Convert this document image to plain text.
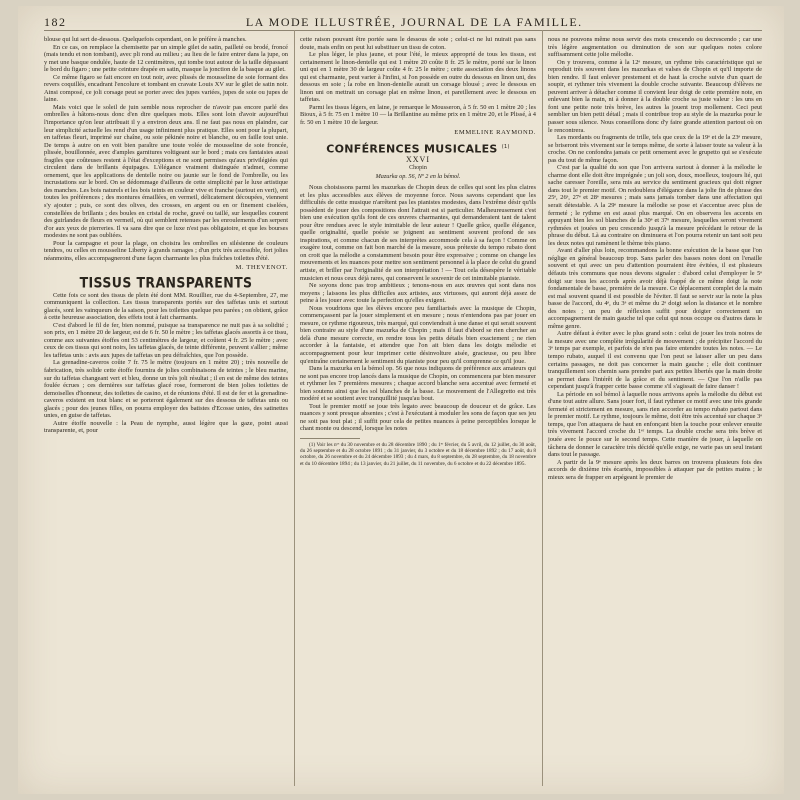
182	LA MODE ILLUSTRÉE, JOURNAL DE LA FAMILLE.

blouse qui lui sert de-dessous. Quelquefois cependant, on le préfère à manches.

En ce cas, on remplace la chemisette par un simple gilet de satin, pailleté ou brodé, froncé (mais tendu et non tombant), avec pli rond au milieu ; au lieu de le faire entrer dans la jupe, on y met une basque ondulée, haute de 12 centimètres, qui tombe tout autour de la taille dépassant le bord du figaro ; une petite ceinture drapée en satin, masque la jonction de la basque au gilet.

Ce même figaro se fait encore en tout noir, avec plissés de mousseline de soie formant des revers coquillés, encadrant l'encolure et tombant en cravate Louis XV sur le gilet de satin noir. Ainsi composé, ce joli corsage peut se porter avec des jupes variées, jupes de soie ou jupes de laine.

Mais voici que le soleil de juin semble nous reprocher de n'avoir pas encore parlé des ombrelles à hâtons-nous donc d'en dire quelques mots. Elles sont loin d'avoir aujourd'hui l'importance qu'on leur attribuait il y a environ deux ans. Il ne faut pas nous en plaindre, car leur simplicité actuelle les rend d'un usage infiniment plus pratique. Elles sont pour la plupart, en taffetas fleuri, imprimé sur chaîne, ou soie pékinée noire et blanche, ou en faille tout unie. De temps à autre on en voit bien paraître une toute volée de mousseline de soie froncée, plissée, bouillonnée, avec d'amples garnitures voltigeant sur le bord ; mais ces fantaisies aussi fragiles que coûteuses restent à l'état d'exceptions et ne sont permises qu'aux privilégiées qui circulent dans de brillants équipages. L'élégance vraiment distinguée n'admet, comme ornement, que les applications de dentelle noire ou jaunie sur le fond de l'ombrelle, ou les incrustations sur le bord. On se dédommage d'ailleurs de cette simplicité par le luxe artistique des manches. Les bois naturels et les bois teints en couleur vive et franche (surtout en vert), ont toutes les préférences ; des montures émaillées, en vermeil, délicatement découpées, viennent s'y ajouter ; puis, ce sont des olives, des crosses, en argent ou en or finement ciselées, constellées de brillants ; des boules en cristal de roche, gravé ou taillé, sur lesquelles courent des guirlandes de fleurs en vermeil, où qui semblent retenues par les enroulements d'un serpent d'or aux yeux de pierreries. Il va sans dire que ce luxe n'est pas obligatoire, et que les bourses modestes ne sont pas oubliées.

Pour la campagne et pour la plage, on choisira les ombrelles en silésienne de couleurs tendres, ou celles en mousseline Liberty à grands ramages ; d'un prix très accessible, fort jolies néanmoins, elles accompagneront d'une façon charmante les plus fraîches toilettes d'été.

M. THEVENOT.
TISSUS TRANSPARENTS

Cette fois ce sont des tissus de plein été dont MM. Rouillier, rue du 4-Septembre, 27, me communiquent la collection. Les tissus transparents portés sur des taffetas unis et surtout glacés, sont les vainqueurs de la saison, pour les toilettes quelque peu parées ; on obtient, grâce à cette heureuse association, des effets tout à fait charmants.

C'est d'abord le fil de fer, bien nommé, puisque sa transparence ne nuit pas à sa solidité ; son prix, en 1 mètre 20 de largeur, est de 6 fr. 50 le mètre ; les taffetas glacés assortis à ce tissu, comme aux suivantes étoffes ont 53 centimètres de largeur, et coûtent 4 fr. 25 le mètre ; avec ceux de ces tissus qui sont noirs, les taffetas glacés, de teinte différente, peuvent s'allier ; même les taffetas unis : avis aux jupes de taffetas un peu défraîchies, que l'on possède.

La grenadine-caveros coûte 7 fr. 75 le mètre (toujours en 1 mètre 20) ; très nouvelle de fabrication, très solide cette étoffe fournira de jolies combinaisons de teintes ; le bleu marine, sur du taffetas changeant vert et bleu, donne un très joli résultat ; il en est de même des teintes foulée écrues ; ces dernières sur taffetas glacé rose, formeront de bien jolies toilettes de demoiselles d'honneur, des toilettes de casino, et de réunions d'été. Il est de fer et la grenadine-caveros existent en tout blanc et se porteront également sur des dessous de taffetas unis ou glacés ; pour des jeunes filles, on pourra employer des batistes d'Ecosse unies, des satinettes unies, en guise de taffetas.

Autre étoffe nouvelle : la Peau de nymphe, aussi légère que la gaze, point aussi transparente, et, pour

cette raison pouvant être portée sans le dessous de soie ; celui-ci ne lui nuirait pas sans doute, mais enfin on peut lui substituer un tissu de coton.

Le plus léger, le plus jaune, et pour l'été, le mieux approprié de tous les tissus, est certainement le linon-dentelle qui est 1 mètre 20 coûte 8 fr. 25 le mètre, porté sur le linon uni qui en 1 mètre 30 de largeur coûte 4 fr. 25 le mètre ; cette association des deux linons qui est charmante, peut varier à l'infini, si l'on possède en outre du dessous en linon uni, des dessous en soie ; la robe en linon-dentelle aurait un corsage blousé ; avec le dessous en linon uni on mettrait un corsage plat en même linon, et pareillement avec le dessous en taffetas.

Parmi les tissus légers, en laine, je remarque le Mousseron, à 5 fr. 50 en 1 mètre 20 ; les Bioux, à 5 fr. 75 en 1 mètre 10 — la Brillantine au même prix en 1 mètre 20, et le Plissé, à 4 fr. 50 en 1 mètre 10 de largeur.

EMMELINE RAYMOND.
CONFÉRENCES MUSICALES $^{(1)}$
XXVI
Chopin
Mazurka op. 56, Nº 2 en la bémol.

Nous choisissons parmi les mazurkas de Chopin deux de celles qui sont les plus claires et les plus accessibles aux élèves de moyenne force. Nous savons cependant que les difficultés de cette musique n'arrêtent pas les pianistes modestes, dans l'extrême désir qu'ils possèdent de jouer des compositions dont l'attrait est si particulier. Malheureusement c'est bien une exécution qu'ils font de ces œuvres charmantes, qui demanderaient tant de talent pour être rendues avec le style inimitable de leur auteur ! Quelle grâce, quelle élégance, quelle originalité, quelle poésie se joignent au sentiment souvent profond de ses inspirations, et comme chacun de ses interprètes accommode cela à sa façon ! Comme on exagère tout, comme on fait bon marché de la mesure, sous prétexte du tempo rubato dont on croit que la mélodie a constamment besoin pour être expressive ; comme on change les mouvements et les nuances pour mettre son sentiment personnel à la place de celui du grand artiste, et briller par l'originalité de son interprétation ! — Tout cela désespère le véritable musicien et nous ceux déjà rares, qui conservent le souvenir de cet inimitable pianiste.

Ne soyons donc pas trop ambitieux ; tenons-nous en aux œuvres qui sont dans nos moyens ; laissons les plus difficiles aux artistes, aux virtuoses, qui auront déjà assez de peine à les jouer avec toute la perfection qu'elles exigent.

Nous voudrions que les élèves encore peu familiarisés avec la musique de Chopin, commençassent par la jouer simplement et en mesure ; nous n'entendons pas par jouer en mesure, ce rythme rigoureux, très marqué, qui conviendrait à une danse et qui serait souvent bien contraire au style d'une mazurka de Chopin ; mais il faut d'abord se rien chercher au delà d'une mesure correcte, en rendre tous les petits détails bien exactement ; ne rien accorder à la fantaisie, et attendre que l'on ait bien dans les doigts mélodie et accompagnement pour leur imprimer cette désinvolture aisée, gracieuse, ou peu libre qu'entraîne certainement le sentiment du pianiste pour peu qu'il comprenne ce qu'il joue.

Dans la mazurka en la bémol op. 56 que nous indiquons de préférence aux amateurs qui ne sont pas encore trop lancés dans la musique de Chopin, on commencera par bien mesurer et rythmer les 7 premières mesures ; chaque accord blanche sera accentué avec fermeté et bien soutenu ainsi que les sol blanches de la basse. Le mouvement de l'Allegretto est très modéré et se soutient avec tranquillité jusqu'au bout.

Tout le premier motif se joue très legato avec beaucoup de douceur et de grâce. Les nuances y sont presque absentes ; c'est à l'exécutant à moduler les sons de façon que ses jeu ne soit pas tout plat ; il suffit pour cela de petites nuances à peine perceptibles lorsque le chant monte ou descend, lorsque les notes

(1) Voir les nᵒˢ du 30 novembre et du 28 décembre 1890 ; du 1ᵉʳ février, du 5 avril, du 12 juillet, du 30 août, du 26 septembre et du 28 octobre 1891 ; du 31 janvier, du 3 octobre et du 18 décembre 1892 ; du 17 août, du 8 octobre, du 26 novembre et du 24 décembre 1893 ; du 4 mars, du 8 septembre, du 28 septembre, du 18 novembre et du 10 décembre 1894 ; du 13 janvier, du 21 juillet, du 11 novembre, du 6 octobre et du 22 décembre 1895.

nous ne pouvons même nous servir des mots crescendo ou decrescendo ; car une très légère augmentation ou diminution de son sur quelques notes colore suffisamment cette jolie mélodie.

On y trouvera, comme à la 12ᵉ mesure, un rythme très caractéristique qui se reproduit très souvent dans les mazurkas et valses de Chopin et qu'il importe de bien rendre. Il faut enlever prestement et de haut la croche suivie d'un quart de soupir, et rythmer très vivement la double croche suivante. Beaucoup d'élèves ne peuvent arriver à détacher comme il convient leur doigt de cette première note, en enlevant bien la main, ni à donner à la double croche sa juste valeur : les uns en font une petite note très brève, les autres la jouent trop mollement. Ceci peut semblier un bien petit détail ; mais il contribue trop au style de la mazurka pour le passer sous silence. Nous conseillons donc d'y faire grande attention partout où on le rencontrera.

Les mordants ou fragments de trille, tels que ceux de la 19ᵉ et de la 23ᵉ mesure, se briseront très vivement sur le temps même, de sorte à laisser toute sa valeur à la croche. On ne confondra jamais ce petit ornement avec le grupetto qui se s'exécute pas du tout de même façon.

C'est par la qualité du son que l'on arrivera surtout à donner à la mélodie le charme dont elle doit être imprégnée ; un joli son, doux, moelleux, toujours lié, qui sache caresser l'oreille, sera mis au service du sentiment gracieux qui doit régner dans tout le premier motif. On redoublera d'élégance dans la jolie fin de phrase des 25ᵉ, 26ᵉ, 27ᵉ et 28ᵉ mesures ; mais sans jamais tomber dans une affectation qui serait détestable. A la 29ᵉ mesure la mélodie se pose et s'accentue avec plus de fermeté ; le rythme en est aussi plus marqué. On en observera les accents en appuyant bien les sol blanches de la 30ᵉ et 37ᵉ mesure, lesquelles seront vivement rythmées et jouées un peu crescendo jusqu'à la mesure précédant le retour de la phrase du début. Là au contraire on diminuera et l'on pourra retenir un tant soit peu les deux notes qui ramènent le thème très piano.

Avant d'aller plus loin, recommandons la bonne exécution de la basse que l'on néglige en général beaucoup trop. Sans parler des basses notes dont on l'enaille souvent et qui avec un peu d'attention pourraient être évitées, il est plusieurs défauts très communs que nous devons signaler : d'abord celui d'employer le 5ᵉ doigt sur tous les accords après avoir déjà frappé de ce même doigt la note fondamentale de basse, première de la mesure. Ce déplacement complet de la main est mal souvent quand il est possible de l'éviter. Il faut se servir sur la note la plus basse de l'accord, du 4ᵉ, du 3ᵉ et même du 2ᵉ doigt selon la distance et le nombre des notes ; un peu de réflexion suffit pour doigter correctement un accompagnement de main gauche tel que celui qui nous occupe ou d'autres dans le même genre.

Autre défaut à éviter avec le plus grand soin : celui de jouer les trois noires de la mesure avec une complète irrégularité de mouvement ; de précipiter l'accord du 3ᵉ temps par exemple, et parfois de n'en pas faire entendre toutes les notes. — Le tempo rubato, auquel il est convenu que l'on peut se laisser aller un peu dans certains passages, ne doit pas concerner la main gauche ; elle doit continuer tranquillement son chemin sans prendre part aux petites libertés que la main droite se permet dans l'intérêt de la grâce et du sentiment. — Que l'on n'aille pas cependant jusqu'à frapper cette basse comme s'il s'agissait de faire danser !

La période en sol bémol à laquelle nous arrivons après la mélodie du début est d'une tout autre allure. Sans jouer fort, il faut rythmer ce motif avec une très grande fermeté et strictement en mesure, sans rien accorder au tempo rubato partout dans le premier motif. Le rythme, toujours le même, doit être très accentué sur chaque 3ᵉ temps, que l'on attaquera de haut en enfonçant bien la touche pour enlever ensuite très vivement l'accord croche du 1ᵉʳ temps. La double croche sera très brève et jouée avec le pouce sur le second temps. Cette manière de jouer, à laquelle on tâchera de donner le caractère très décidé qu'elle exige, ne varie pas un seul instant dans tout le passage.

A partir de la 9ᵉ mesure après les deux barres on trouvera plusieurs fois des accords de dixième très écartés, impossibles à attaquer par de petites mains ; le mieux sera de frapper en arpégeant le premier de
